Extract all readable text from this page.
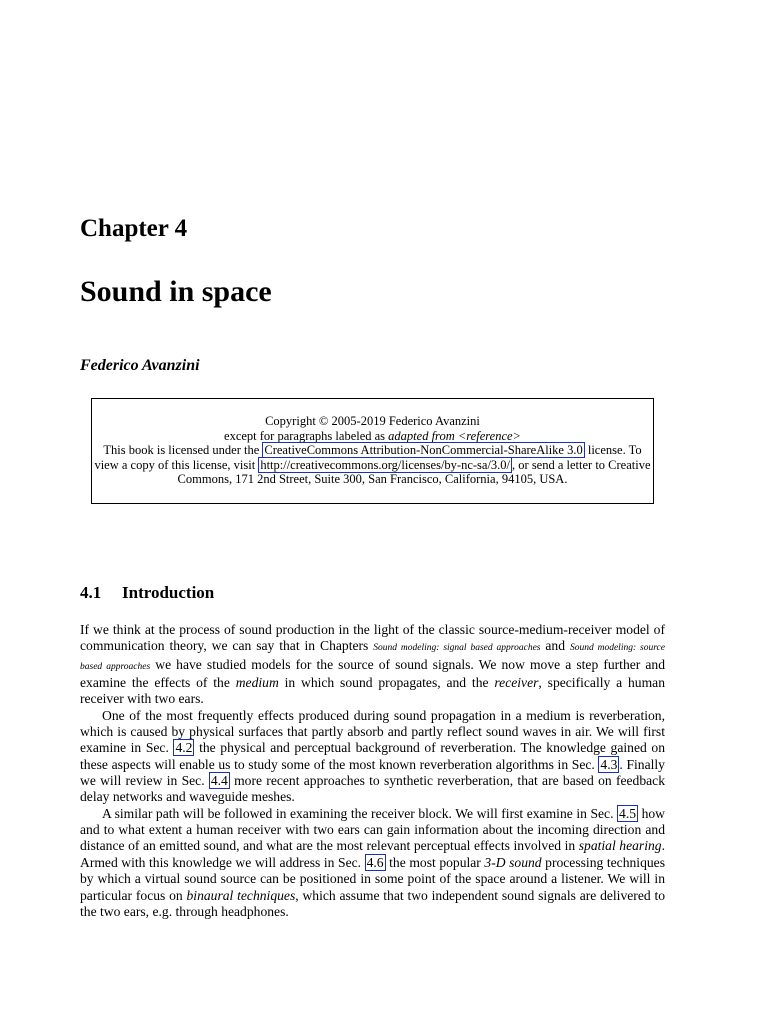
Chapter 4
Sound in space

Federico Avanzini

Copyright © 2005-2019 Federico Avanzini

except for paragraphs labeled as adapted from <reference>

This book is licensed under the CreativeCommons Attribution-NonCommercial-ShareAlike 3.0 license. To view a copy of this license, visit http://creativecommons.org/licenses/by-nc-sa/3.0/ , or send a letter to Creative Commons, 171 2nd Street, Suite 300, San Francisco, California, 94105, USA.

4.1 Introduction

If we think at the process of sound production in the light of the classic source-medium-receiver model of communication theory, we can say that in Chapters Sound modeling: signal based approaches and Sound modeling: source based approaches we have studied models for the source of sound signals. We now move a step further and examine the effects of the medium in which sound propagates, and the receiver, specifically a human receiver with two ears.

One of the most frequently effects produced during sound propagation in a medium is reverberation, which is caused by physical surfaces that partly absorb and partly reflect sound waves in air. We will first examine in Sec. 4.2 the physical and perceptual background of reverberation. The knowledge gained on these aspects will enable us to study some of the most known reverberation algorithms in Sec. 4.3 . Finally we will review in Sec. 4.4 more recent approaches to synthetic reverberation, that are based on feedback delay networks and waveguide meshes.

A similar path will be followed in examining the receiver block. We will first examine in Sec. 4.5 how and to what extent a human receiver with two ears can gain information about the incoming direction and distance of an emitted sound, and what are the most relevant perceptual effects involved in spatial hearing. Armed with this knowledge we will address in Sec. 4.6 the most popular 3-D sound processing techniques by which a virtual sound source can be positioned in some point of the space around a listener. We will in particular focus on binaural techniques, which assume that two independent sound signals are delivered to the two ears, e.g. through headphones.
